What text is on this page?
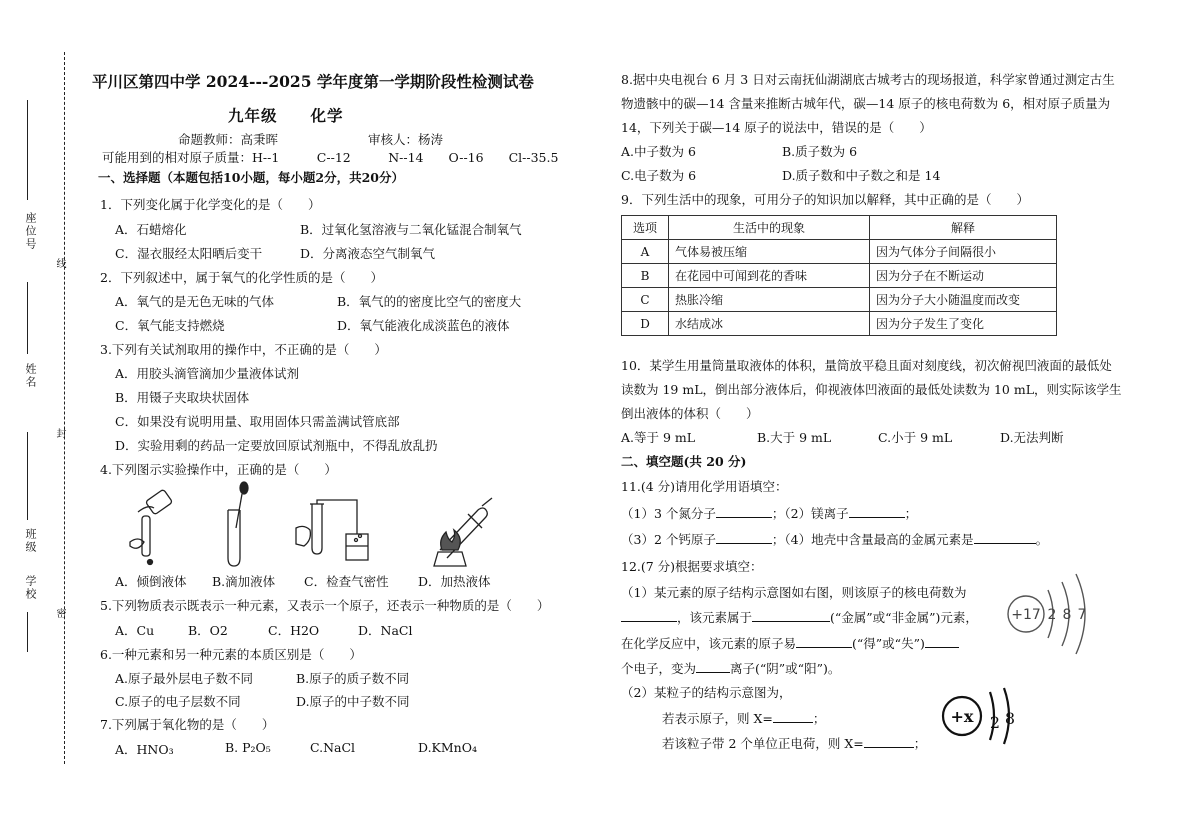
座位号
姓名
班级
学校
线
封
密
平川区第四中学 2024---2025 学年度第一学期阶段性检测试卷
九年级　　化学
命题教师：高秉晖	审核人：杨涛
可能用到的相对原子质量：H--1　　　C--12　　　N--14　　O--16　　Cl--35.5
一、选择题（本题包括10小题，每小题2分，共20分）
1．下列变化属于化学变化的是（　　）
A．石蜡熔化	B．过氧化氢溶液与二氧化锰混合制氧气
C．湿衣服经太阳晒后变干	D．分离液态空气制氧气
2．下列叙述中，属于氧气的化学性质的是（　　）
A．氧气的是无色无味的气体	B．氧气的的密度比空气的密度大
C．氧气能支持燃烧	D．氧气能液化成淡蓝色的液体
3.下列有关试剂取用的操作中，不正确的是（　　）
A．用胶头滴管滴加少量液体试剂
B．用镊子夹取块状固体
C．如果没有说明用量、取用固体只需盖满试管底部
D．实验用剩的药品一定要放回原试剂瓶中，不得乱放乱扔
4.下列图示实验操作中，正确的是（　　）
A．倾倒液体 B.滴加液体 C．检查气密性 D．加热液体
5.下列物质表示既表示一种元素，又表示一个原子，还表示一种物质的是（　　）
A．Cu	B．O2	C．H2O	D．NaCl
6.一种元素和另一种元素的本质区别是（　　）
A.原子最外层电子数不同	B.原子的质子数不同
C.原子的电子层数不同	D.原子的中子数不同
7.下列属于氧化物的是（　　）
A．HNO₃	B. P₂O₅	C.NaCl	D.KMnO₄
8.据中央电视台 6 月 3 日对云南抚仙湖湖底古城考古的现场报道，科学家曾通过测定古生
物遗骸中的碳—14 含量来推断古城年代，碳—14 原子的核电荷数为 6，相对原子质量为
14，下列关于碳—14 原子的说法中，错误的是（　　）
A.中子数为 6	B.质子数为 6
C.电子数为 6	D.质子数和中子数之和是 14
9．下列生活中的现象，可用分子的知识加以解释，其中正确的是（　　）
选项	生活中的现象	解释
A	气体易被压缩	因为气体分子间隔很小
B	在花园中可闻到花的香味	因为分子在不断运动
C	热胀冷缩	因为分子大小随温度而改变
D	水结成冰	因为分子发生了变化
10．某学生用量筒量取液体的体积，量筒放平稳且面对刻度线，初次俯视凹液面的最低处
读数为 19 mL，倒出部分液体后，仰视液体凹液面的最低处读数为 10 mL，则实际该学生
倒出液体的体积（　　）
A.等于 9 mL	B.大于 9 mL	C.小于 9 mL	D.无法判断
二、填空题(共 20 分)
11.(4 分)请用化学用语填空：
（1）3 个氮分子	；（2）镁离子	；
（3）2 个钙原子	；（4）地壳中含量最高的金属元素是	。
12.(7 分)根据要求填空：
（1）某元素的原子结构示意图如右图，则该原子的核电荷数为
，该元素属于	(“金属”或“非金属”)元素，
在化学反应中，该元素的原子易	(“得”或“失”)
个电子，变为	离子(“阴”或“阳”)。
（2）某粒子的结构示意图为，
若表示原子，则 X=	；
若该粒子带 2 个单位正电荷，则 X=	；
+17 2 8 7
+x 2 8
